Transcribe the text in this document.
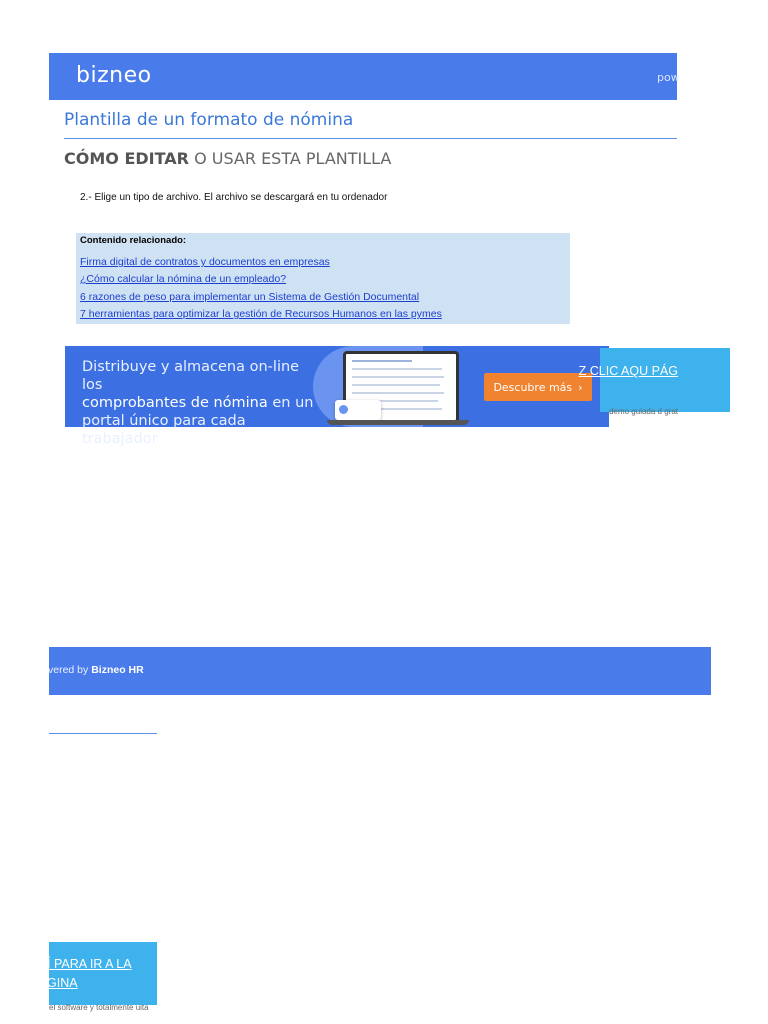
bizneo	pow
Plantilla de un formato de nómina
CÓMO EDITAR O USAR ESTA PLANTILLA
2.- Elige un tipo de archivo. El archivo se descargará en tu ordenador
Contenido relacionado:
Firma digital de contratos y documentos en empresas
¿Cómo calcular la nómina de un empleado?
6 razones de peso para implementar un Sistema de Gestión Documental
7 herramientas para optimizar la gestión de Recursos Humanos en las pymes
Distribuye y almacena on-line los
comprobantes de nómina en un
portal único para cada trabajador
Descubre más ›
Z CLIC AQU PÁG
demo guiada d grat
vered by Bizneo HR
Í PARA IR A LA GINA
el software y totalmente uita
